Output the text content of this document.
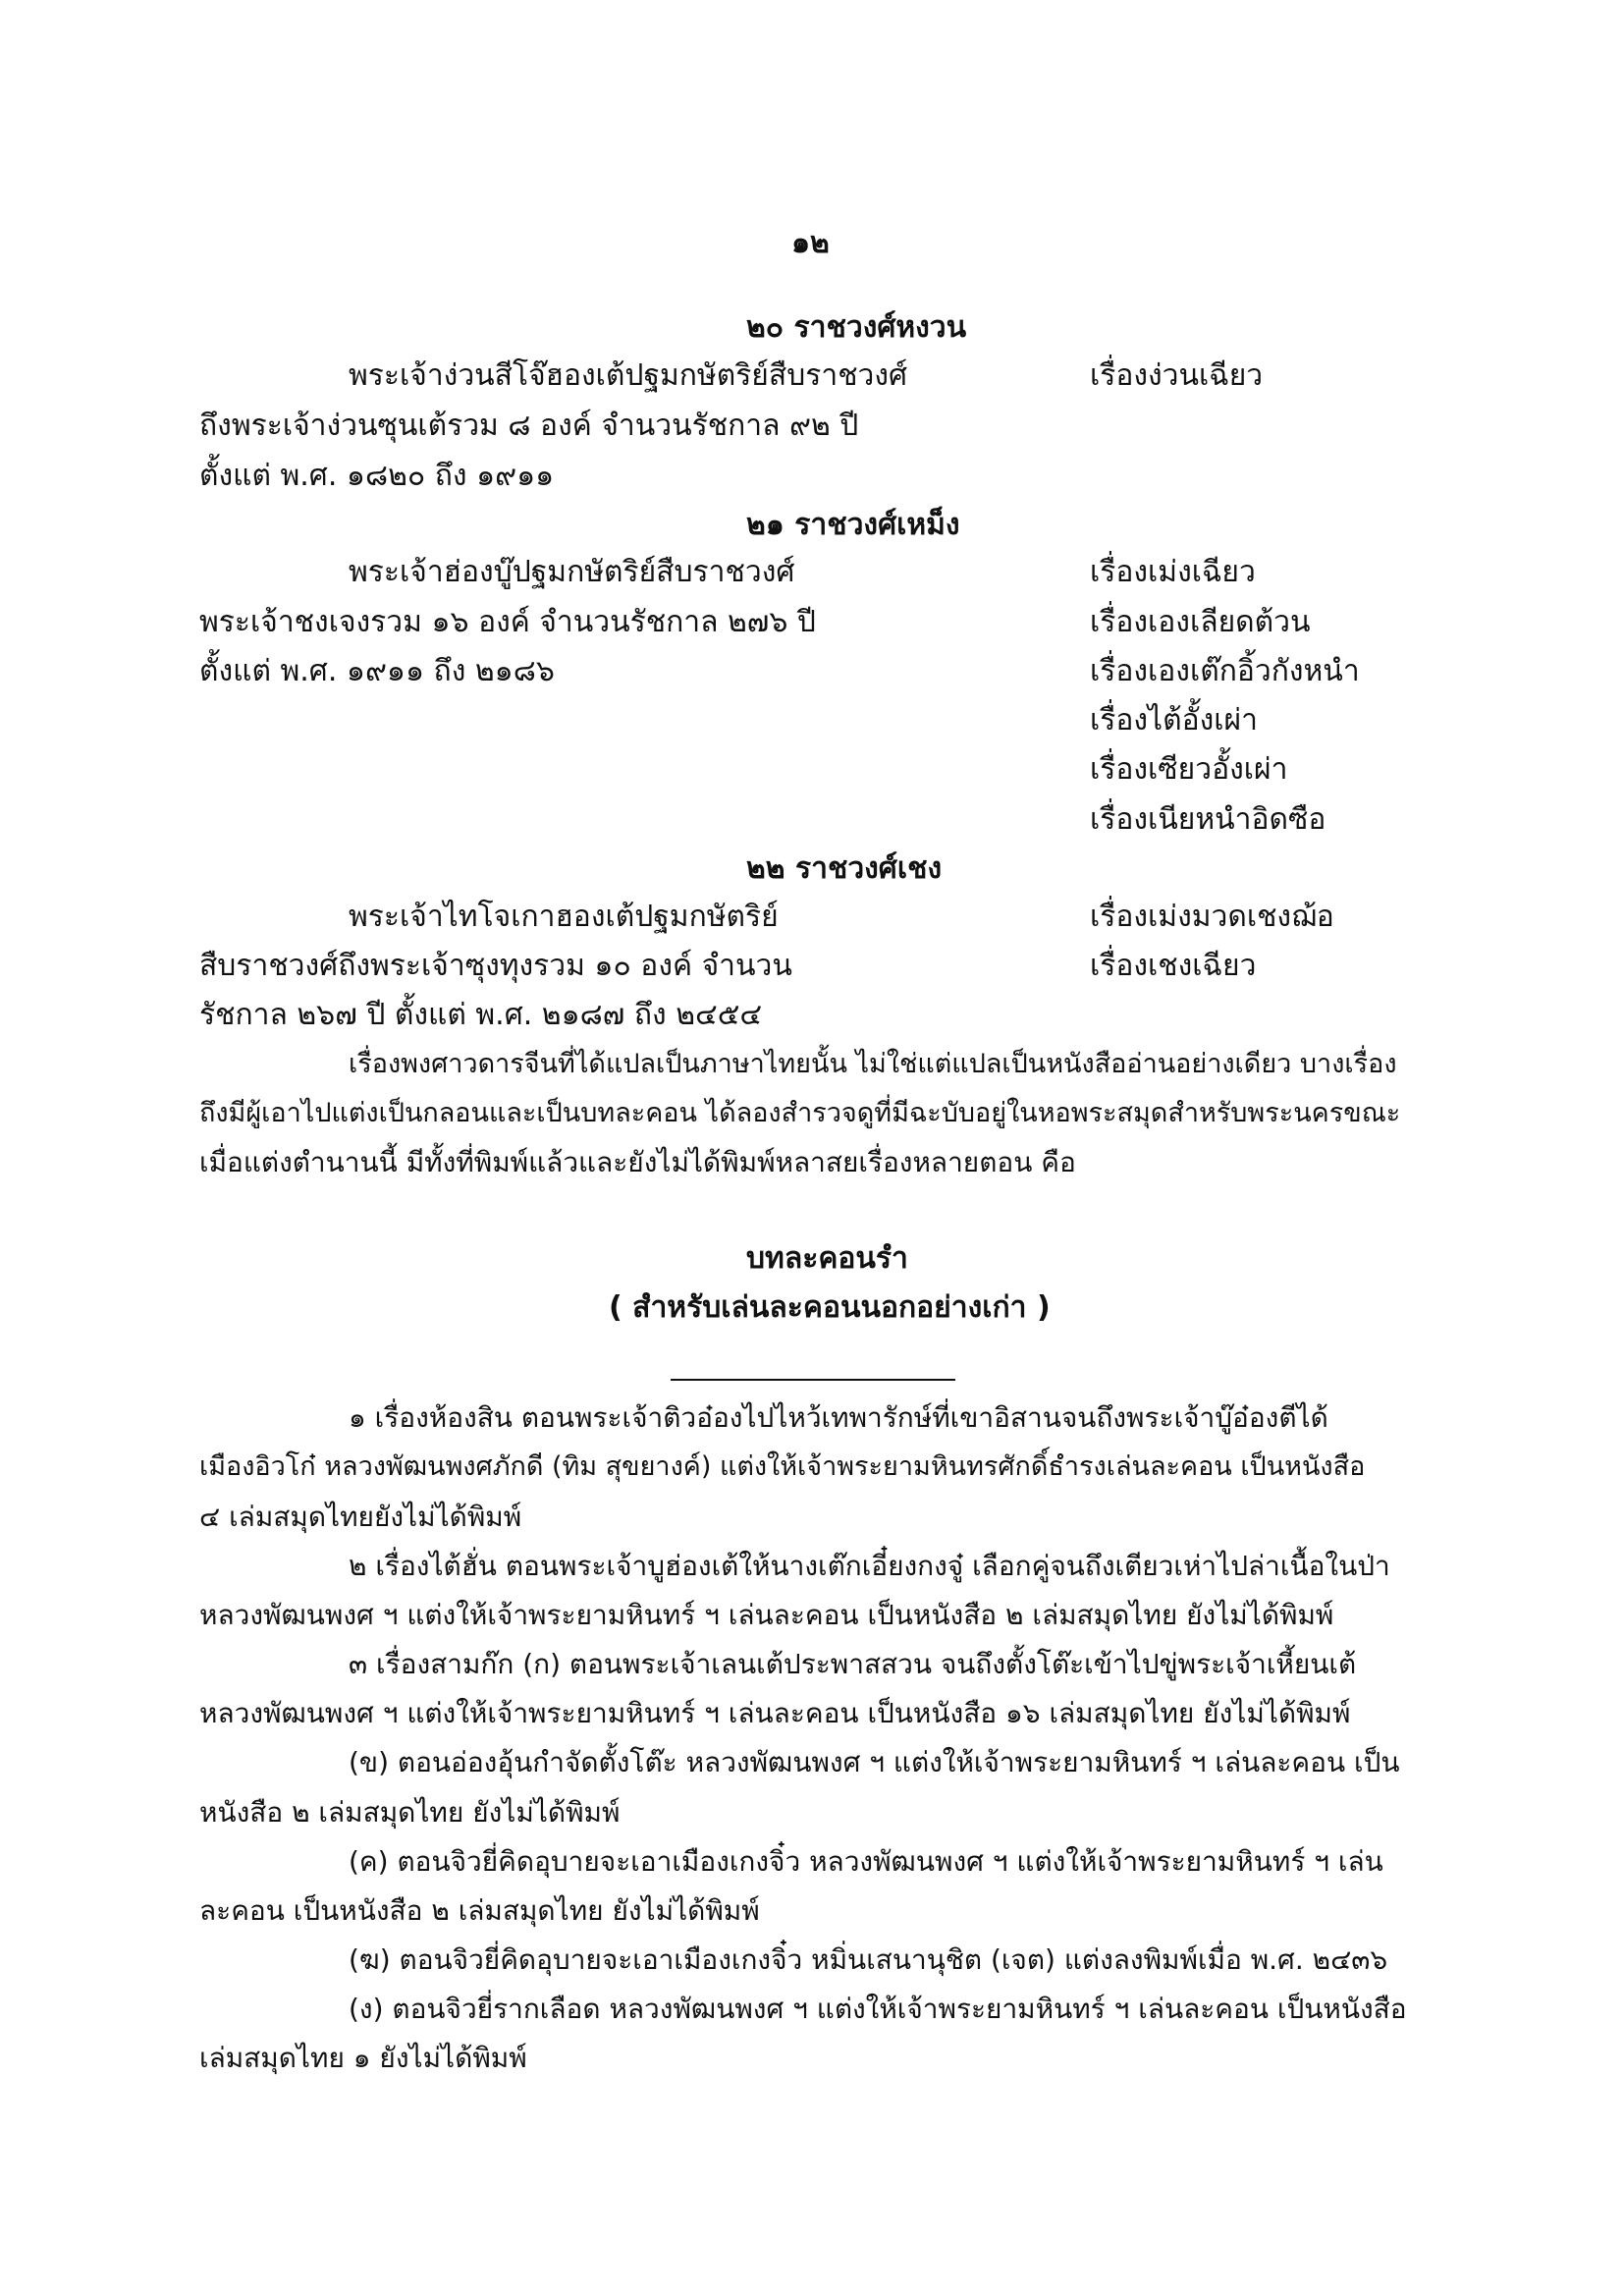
๑๒
๒๐ ราชวงศ์หงวน
พระเจ้าง่วนสีโจ๊ฮองเต้ปฐมกษัตริย์สืบราชวงศ์	เรื่องง่วนเฉียว
ถึงพระเจ้าง่วนซุนเต้รวม ๘ องค์ จำนวนรัชกาล ๙๒ ปี
ตั้งแต่ พ.ศ. ๑๘๒๐ ถึง ๑๙๑๑
๒๑ ราชวงศ์เหม็ง
พระเจ้าฮ่องบู๊ปฐมกษัตริย์สืบราชวงศ์	เรื่องเม่งเฉียว
พระเจ้าชงเจงรวม ๑๖ องค์ จำนวนรัชกาล ๒๗๖ ปี	เรื่องเองเลียดต้วน
ตั้งแต่ พ.ศ. ๑๙๑๑ ถึง ๒๑๘๖	เรื่องเองเต๊กอิ้วกังหนำ
เรื่องไต้อั้งเผ่า
เรื่องเซียวอั้งเผ่า
เรื่องเนียหนำอิดซือ
๒๒ ราชวงศ์เชง
พระเจ้าไทโจเกาฮองเต้ปฐมกษัตริย์	เรื่องเม่งมวดเชงฌ้อ
สืบราชวงศ์ถึงพระเจ้าซุงทุงรวม ๑๐ องค์ จำนวน	เรื่องเชงเฉียว
รัชกาล ๒๖๗ ปี ตั้งแต่ พ.ศ. ๒๑๘๗ ถึง ๒๔๕๔
เรื่องพงศาวดารจีนที่ได้แปลเป็นภาษาไทยนั้น ไม่ใช่แต่แปลเป็นหนังสืออ่านอย่างเดียว บางเรื่อง
ถึงมีผู้เอาไปแต่งเป็นกลอนและเป็นบทละคอน ได้ลองสำรวจดูที่มีฉะบับอยู่ในหอพระสมุดสำหรับพระนครขณะ
เมื่อแต่งตำนานนี้ มีทั้งที่พิมพ์แล้วและยังไม่ได้พิมพ์หลาสยเรื่องหลายตอน คือ
บทละคอนรำ
( สำหรับเล่นละคอนนอกอย่างเก่า )
๑ เรื่องห้องสิน ตอนพระเจ้าติวอ๋องไปไหว้เทพารักษ์ที่เขาอิสานจนถึงพระเจ้าบู๊อ๋องตีได้
เมืองอิวโก๋ หลวงพัฒนพงศภักดี (ทิม สุขยางค์) แต่งให้เจ้าพระยามหินทรศักดิ์ธำรงเล่นละคอน เป็นหนังสือ
๔ เล่มสมุดไทยยังไม่ได้พิมพ์
๒ เรื่องไต้ฮั่น ตอนพระเจ้าบูฮ่องเต้ให้นางเต๊กเอี๋ยงกงจู๋ เลือกคู่จนถึงเตียวเห่าไปล่าเนื้อในป่า
หลวงพัฒนพงศ ฯ แต่งให้เจ้าพระยามหินทร์ ฯ เล่นละคอน เป็นหนังสือ ๒ เล่มสมุดไทย ยังไม่ได้พิมพ์
๓ เรื่องสามก๊ก (ก) ตอนพระเจ้าเลนเต้ประพาสสวน จนถึงตั้งโต๊ะเข้าไปขู่พระเจ้าเหี้ยนเต้
หลวงพัฒนพงศ ฯ แต่งให้เจ้าพระยามหินทร์ ฯ เล่นละคอน เป็นหนังสือ ๑๖ เล่มสมุดไทย ยังไม่ได้พิมพ์
(ข) ตอนอ่องอุ้นกำจัดตั้งโต๊ะ หลวงพัฒนพงศ ฯ แต่งให้เจ้าพระยามหินทร์ ฯ เล่นละคอน เป็น
หนังสือ ๒ เล่มสมุดไทย ยังไม่ได้พิมพ์
(ค) ตอนจิวยี่คิดอุบายจะเอาเมืองเกงจิ๋ว หลวงพัฒนพงศ ฯ แต่งให้เจ้าพระยามหินทร์ ฯ เล่น
ละคอน เป็นหนังสือ ๒ เล่มสมุดไทย ยังไม่ได้พิมพ์
(ฆ) ตอนจิวยี่คิดอุบายจะเอาเมืองเกงจิ๋ว หมิ่นเสนานุชิต (เจต) แต่งลงพิมพ์เมื่อ พ.ศ. ๒๔๓๖
(ง) ตอนจิวยี่รากเลือด หลวงพัฒนพงศ ฯ แต่งให้เจ้าพระยามหินทร์ ฯ เล่นละคอน เป็นหนังสือ
เล่มสมุดไทย ๑ ยังไม่ได้พิมพ์
